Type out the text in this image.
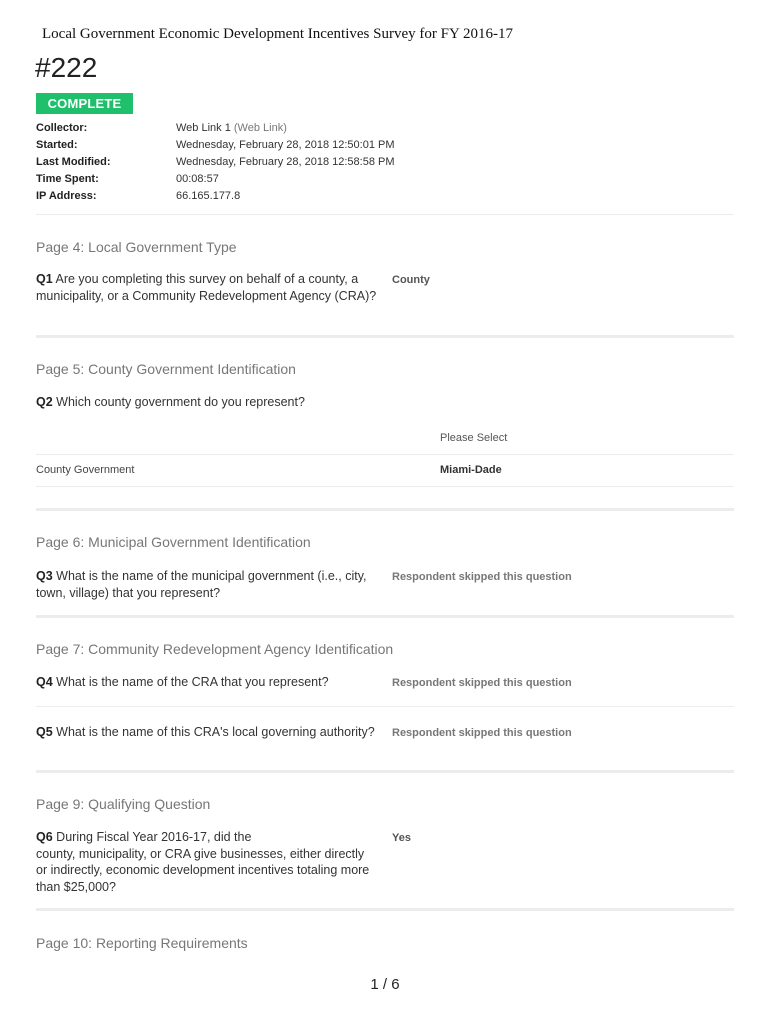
Local Government Economic Development Incentives Survey for FY 2016-17
#222
COMPLETE
Collector:	Web Link 1 (Web Link)
Started:	Wednesday, February 28, 2018 12:50:01 PM
Last Modified:	Wednesday, February 28, 2018 12:58:58 PM
Time Spent:	00:08:57
IP Address:	66.165.177.8
Page 4: Local Government Type
Q1 Are you completing this survey on behalf of a county, a municipality, or a Community Redevelopment Agency (CRA)?
County
Page 5: County Government Identification
Q2 Which county government do you represent?
Please Select
County Government	Miami-Dade
Page 6: Municipal Government Identification
Q3 What is the name of the municipal government (i.e., city, town, village) that you represent?
Respondent skipped this question
Page 7: Community Redevelopment Agency Identification
Q4 What is the name of the CRA that you represent?	Respondent skipped this question
Q5 What is the name of this CRA's local governing authority?	Respondent skipped this question
Page 9: Qualifying Question
Q6 During Fiscal Year 2016-17, did the
county, municipality, or CRA give businesses, either directly or indirectly, economic development incentives totaling more than $25,000?
Yes
Page 10: Reporting Requirements
1 / 6
